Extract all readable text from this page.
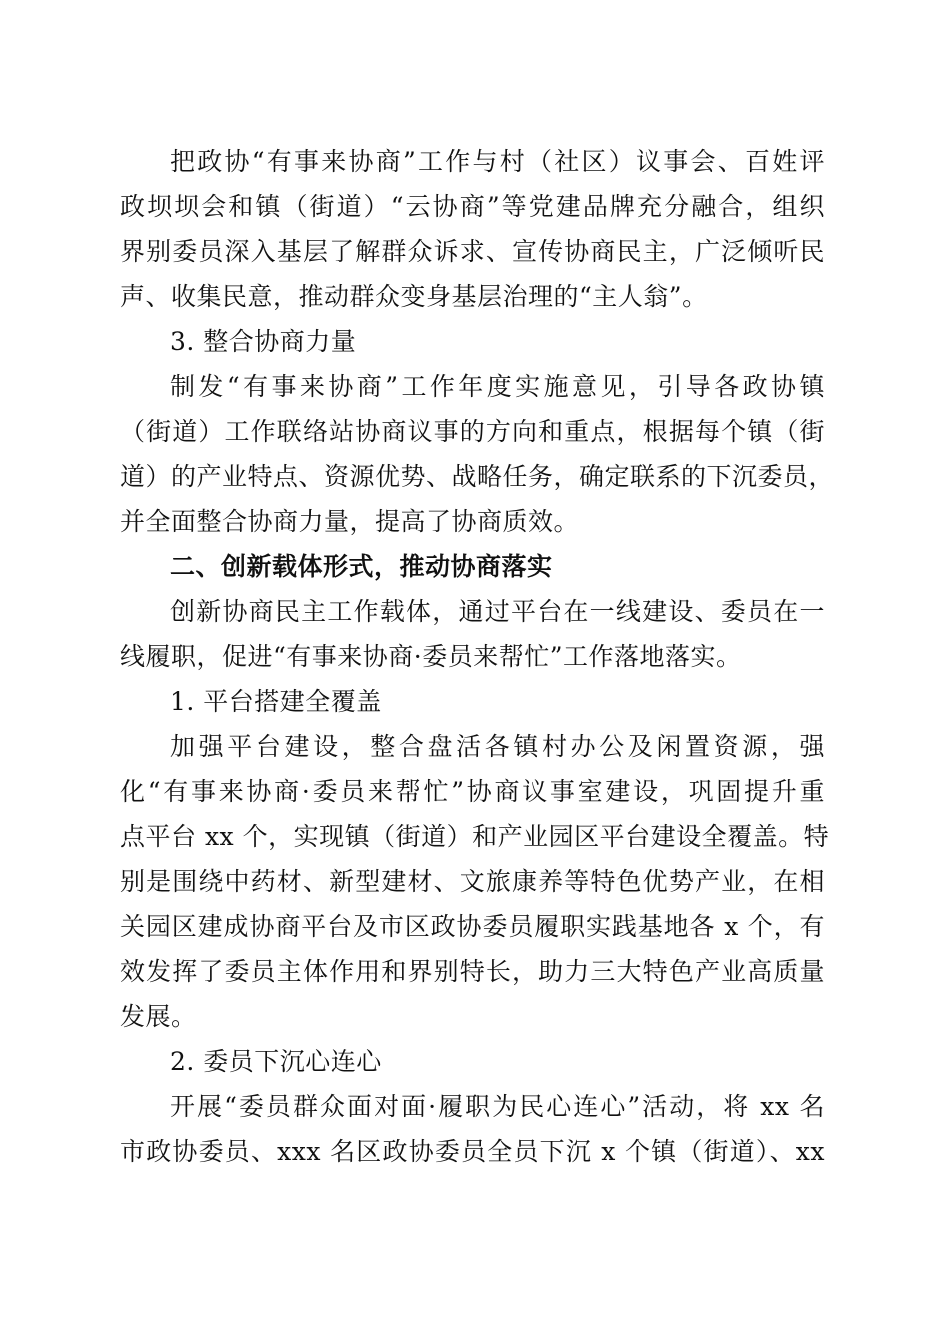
把政协“有事来协商”工作与村（社区）议事会、百姓评
政坝坝会和镇（街道）“云协商”等党建品牌充分融合，组织
界别委员深入基层了解群众诉求、宣传协商民主，广泛倾听民
声、收集民意，推动群众变身基层治理的“主人翁”。
3. 整合协商力量
制发“有事来协商”工作年度实施意见，引导各政协镇
（街道）工作联络站协商议事的方向和重点，根据每个镇（街
道）的产业特点、资源优势、战略任务，确定联系的下沉委员，
并全面整合协商力量，提高了协商质效。
二、创新载体形式，推动协商落实
创新协商民主工作载体，通过平台在一线建设、委员在一
线履职，促进“有事来协商·委员来帮忙”工作落地落实。
1. 平台搭建全覆盖
加强平台建设，整合盘活各镇村办公及闲置资源，强
化“有事来协商·委员来帮忙”协商议事室建设，巩固提升重
点平台 xx 个，实现镇（街道）和产业园区平台建设全覆盖。特
别是围绕中药材、新型建材、文旅康养等特色优势产业，在相
关园区建成协商平台及市区政协委员履职实践基地各 x 个，有
效发挥了委员主体作用和界别特长，助力三大特色产业高质量
发展。
2. 委员下沉心连心
开展“委员群众面对面·履职为民心连心”活动，将 xx 名
市政协委员、xxx 名区政协委员全员下沉 x 个镇（街道）、xx
